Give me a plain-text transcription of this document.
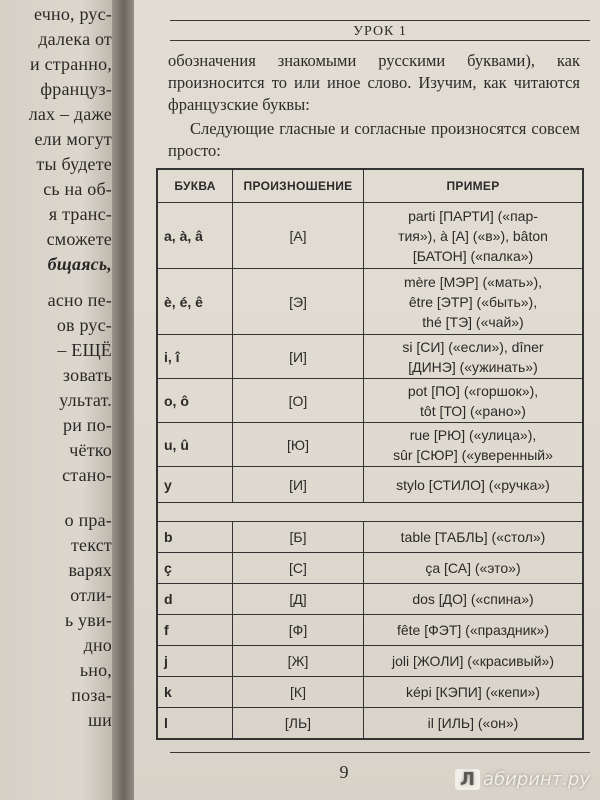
ечно, рус-
далека от
и странно,
француз-
лах – даже
ели могут
ты будете
сь на об-
я транс-
сможете
бщаясь,
асно пе-
ов рус-
– ЕЩЁ
зовать
ультат.
ри по-
чётко
стано-
о пра-
текст
варях
отли-
ь уви-
дно
ьно,
поза-
ши
УРОК 1
обозначения знакомыми русскими буквами), как произносится то или иное слово. Изучим, как читаются французские буквы:
Следующие гласные и согласные произносятся совсем просто:
БУКВА	ПРОИЗНОШЕНИЕ	ПРИМЕР
a, à, â	[А]	parti [ПАРТИ] («пар-
тия»), à [А] («в»), bâton
[БАТОН] («палка»)

è, é, ê	[Э]	mère [МЭР] («мать»),
être [ЭТР] («быть»),
thé [ТЭ] («чай»)

i, î	[И]	si [СИ] («если»), dîner
[ДИНЭ] («ужинать»)

o, ô	[О]	pot [ПО] («горшок»),
tôt [ТО] («рано»)

u, û	[Ю]	rue [РЮ] («улица»),
sûr [СЮР] («уверенный»

y	[И]	stylo [СТИЛО] («ручка»)

b	[Б]	table [ТАБЛЬ] («стол»)
ç	[С]	ça [СА] («это»)
d	[Д]	dos [ДО] («спина»)
f	[Ф]	fête [ФЭТ] («праздник»)
j	[Ж]	joli [ЖОЛИ] («красивый»)
k	[К]	képi [КЭПИ] («кепи»)
l	[ЛЬ]	il [ИЛЬ] («он»)
9	Л абиринт.ру
